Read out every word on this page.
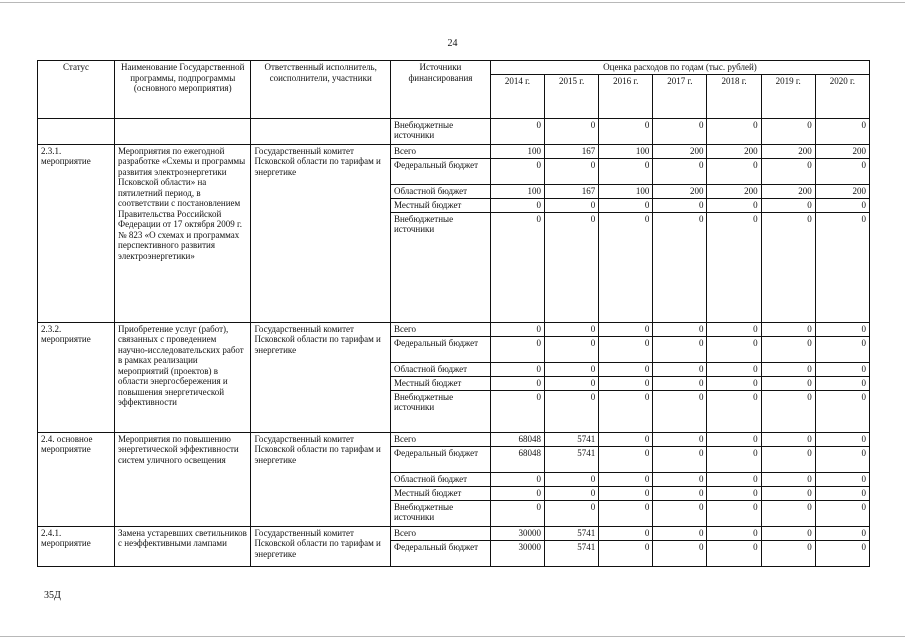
24
Статус	Наименование Государственной программы, подпрограммы (основного мероприятия)	Ответственный исполнитель, соисполнители, участники	Источники финансирования	Оценка расходов по годам (тыс. рублей)						
				2014 г.	2015 г.	2016 г.	2017 г.	2018 г.	2019 г.	2020 г.
			Внебюджетные источники	0	0	0	0	0	0	0
2.3.1. мероприятие	Мероприятия по ежегодной разработке «Схемы и программы развития электроэнергетики Псковской области» на пятилетний период, в соответствии с постановлением Правительства Российской Федерации от 17 октября 2009 г. № 823 «О схемах и программах перспективного развития электроэнергетики»	Государственный комитет Псковской области по тарифам и энергетике	Всего	100	167	100	200	200	200	200
			Федеральный бюджет	0	0	0	0	0	0	0
			Областной бюджет	100	167	100	200	200	200	200
			Местный бюджет	0	0	0	0	0	0	0
			Внебюджетные источники	0	0	0	0	0	0	0
2.3.2. мероприятие	Приобретение услуг (работ), связанных с проведением научно-исследовательских работ в рамках реализации мероприятий (проектов) в области энергосбережения и повышения энергетической эффективности	Государственный комитет Псковской области по тарифам и энергетике	Всего	0	0	0	0	0	0	0
			Федеральный бюджет	0	0	0	0	0	0	0
			Областной бюджет	0	0	0	0	0	0	0
			Местный бюджет	0	0	0	0	0	0	0
			Внебюджетные источники	0	0	0	0	0	0	0
2.4. основное мероприятие	Мероприятия по повышению энергетической эффективности систем уличного освещения	Государственный комитет Псковской области по тарифам и энергетике	Всего	68048	5741	0	0	0	0	0
			Федеральный бюджет	68048	5741	0	0	0	0	0
			Областной бюджет	0	0	0	0	0	0	0
			Местный бюджет	0	0	0	0	0	0	0
			Внебюджетные источники	0	0	0	0	0	0	0
2.4.1. мероприятие	Замена устаревших светильников с неэффективными лампами	Государственный комитет Псковской области по тарифам и энергетике	Всего	30000	5741	0	0	0	0	0
			Федеральный бюджет	30000	5741	0	0	0	0	0
35Д
